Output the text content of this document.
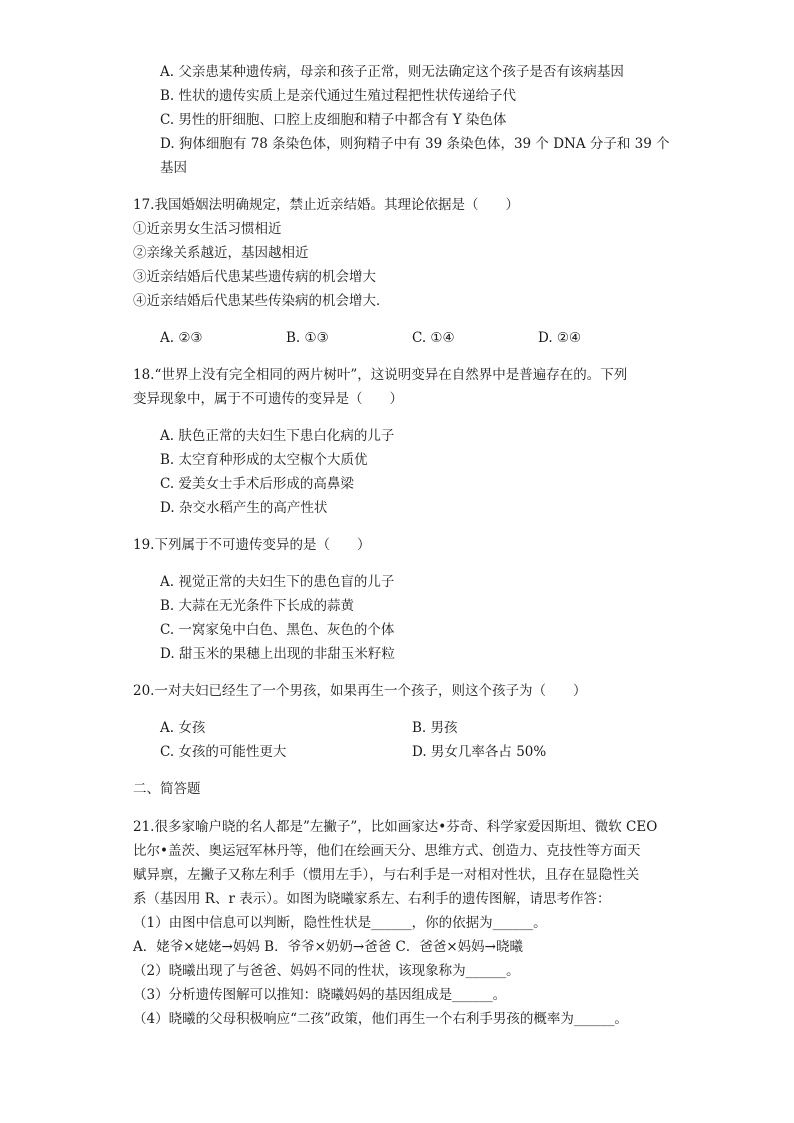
A. 父亲患某种遗传病，母亲和孩子正常，则无法确定这个孩子是否有该病基因
B. 性状的遗传实质上是亲代通过生殖过程把性状传递给子代
C. 男性的肝细胞、口腔上皮细胞和精子中都含有 Y 染色体
D. 狗体细胞有 78 条染色体，则狗精子中有 39 条染色体，39 个 DNA 分子和 39 个
基因
17.我国婚姻法明确规定，禁止近亲结婚。其理论依据是（　　）
①近亲男女生活习惯相近
②亲缘关系越近，基因越相近
③近亲结婚后代患某些遗传病的机会增大
④近亲结婚后代患某些传染病的机会增大．
A. ②③	B. ①③	C. ①④	D. ②④
18.“世界上没有完全相同的两片树叶”，这说明变异在自然界中是普遍存在的。下列
变异现象中，属于不可遗传的变异是（　　）
A. 肤色正常的夫妇生下患白化病的儿子
B. 太空育种形成的太空椒个大质优
C. 爱美女士手术后形成的高鼻梁
D. 杂交水稻产生的高产性状
19.下列属于不可遗传变异的是（　　）
A. 视觉正常的夫妇生下的患色盲的儿子
B. 大蒜在无光条件下长成的蒜黄
C. 一窝家兔中白色、黑色、灰色的个体
D. 甜玉米的果穗上出现的非甜玉米籽粒
20.一对夫妇已经生了一个男孩，如果再生一个孩子，则这个孩子为（　　）
A. 女孩	B. 男孩
C. 女孩的可能性更大	D. 男女几率各占 50%
二、简答题
21.很多家喻户晓的名人都是”左撇子”，比如画家达•芬奇、科学家爱因斯坦、微软 CEO
比尔•盖茨、奥运冠军林丹等，他们在绘画天分、思维方式、创造力、克技性等方面天
赋异禀，左撇子又称左利手（惯用左手），与右利手是一对相对性状，且存在显隐性关
系（基因用 R、r 表示）。如图为晓曦家系左、右利手的遗传图解，请思考作答：
（1）由图中信息可以判断，隐性性状是______，你的依据为______。
A．姥爷×姥姥→妈妈 B．爷爷×奶奶→爸爸 C．爸爸×妈妈→晓曦
（2）晓曦出现了与爸爸、妈妈不同的性状，该现象称为______。
（3）分析遗传图解可以推知：晓曦妈妈的基因组成是______。
（4）晓曦的父母积极响应“二孩”政策，他们再生一个右利手男孩的概率为______。
